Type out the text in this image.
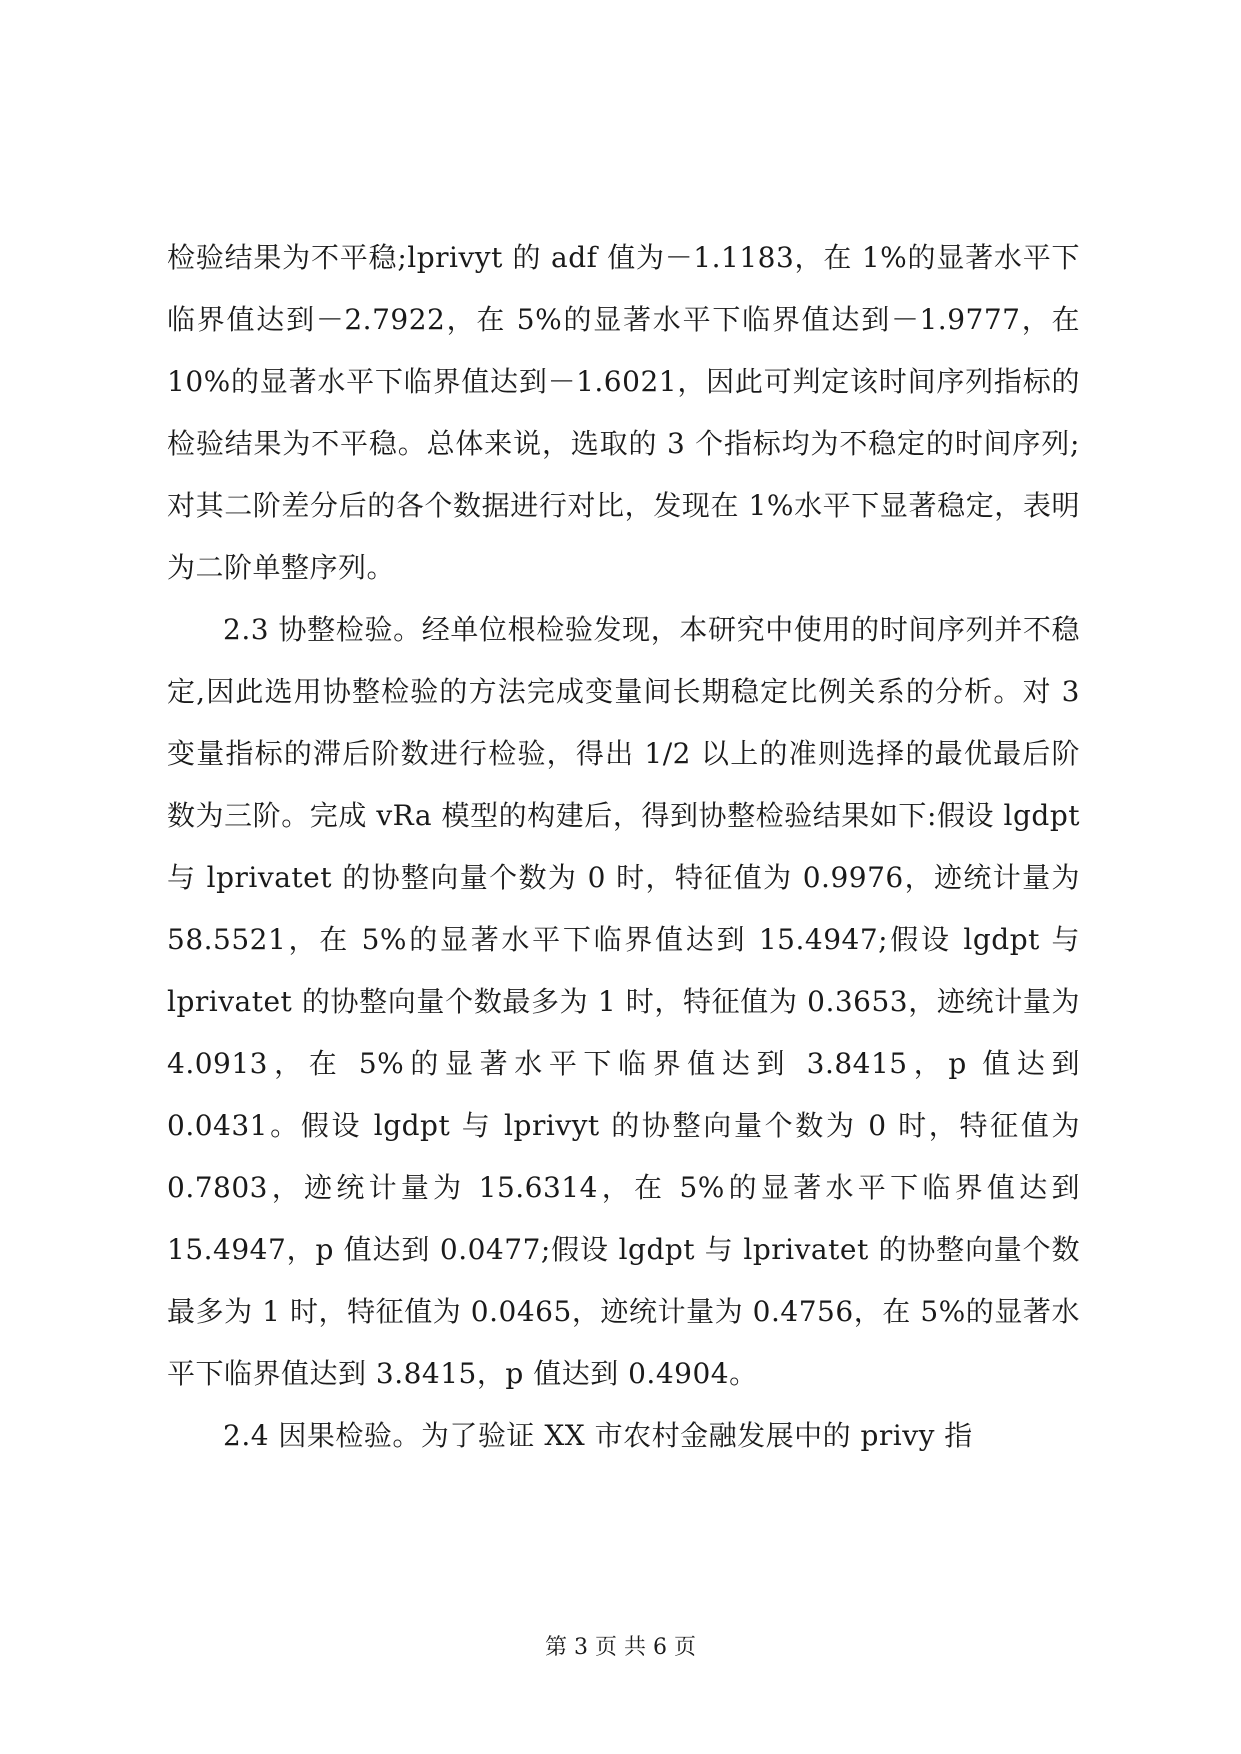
检验结果为不平稳;lprivyt 的 adf 值为－1.1183，在 1%的显著水平下临界值达到－2.7922，在 5%的显著水平下临界值达到－1.9777，在 10%的显著水平下临界值达到－1.6021，因此可判定该时间序列指标的检验结果为不平稳。总体来说，选取的 3 个指标均为不稳定的时间序列;对其二阶差分后的各个数据进行对比，发现在 1%水平下显著稳定，表明为二阶单整序列。

2.3 协整检验。经单位根检验发现，本研究中使用的时间序列并不稳定,因此选用协整检验的方法完成变量间长期稳定比例关系的分析。对 3 变量指标的滞后阶数进行检验，得出 1/2 以上的准则选择的最优最后阶数为三阶。完成 vRa 模型的构建后，得到协整检验结果如下:假设 lgdpt 与 lprivatet 的协整向量个数为 0 时，特征值为 0.9976，迹统计量为 58.5521，在 5%的显著水平下临界值达到 15.4947;假设 lgdpt 与 lprivatet 的协整向量个数最多为 1 时，特征值为 0.3653，迹统计量为 4.0913，在 5%的显著水平下临界值达到 3.8415，p 值达到 0.0431。假设 lgdpt 与 lprivyt 的协整向量个数为 0 时，特征值为 0.7803，迹统计量为 15.6314，在 5%的显著水平下临界值达到 15.4947，p 值达到 0.0477;假设 lgdpt 与 lprivatet 的协整向量个数最多为 1 时，特征值为 0.0465，迹统计量为 0.4756，在 5%的显著水平下临界值达到 3.8415，p 值达到 0.4904。

2.4 因果检验。为了验证 XX 市农村金融发展中的 privy 指

第 3 页 共 6 页
